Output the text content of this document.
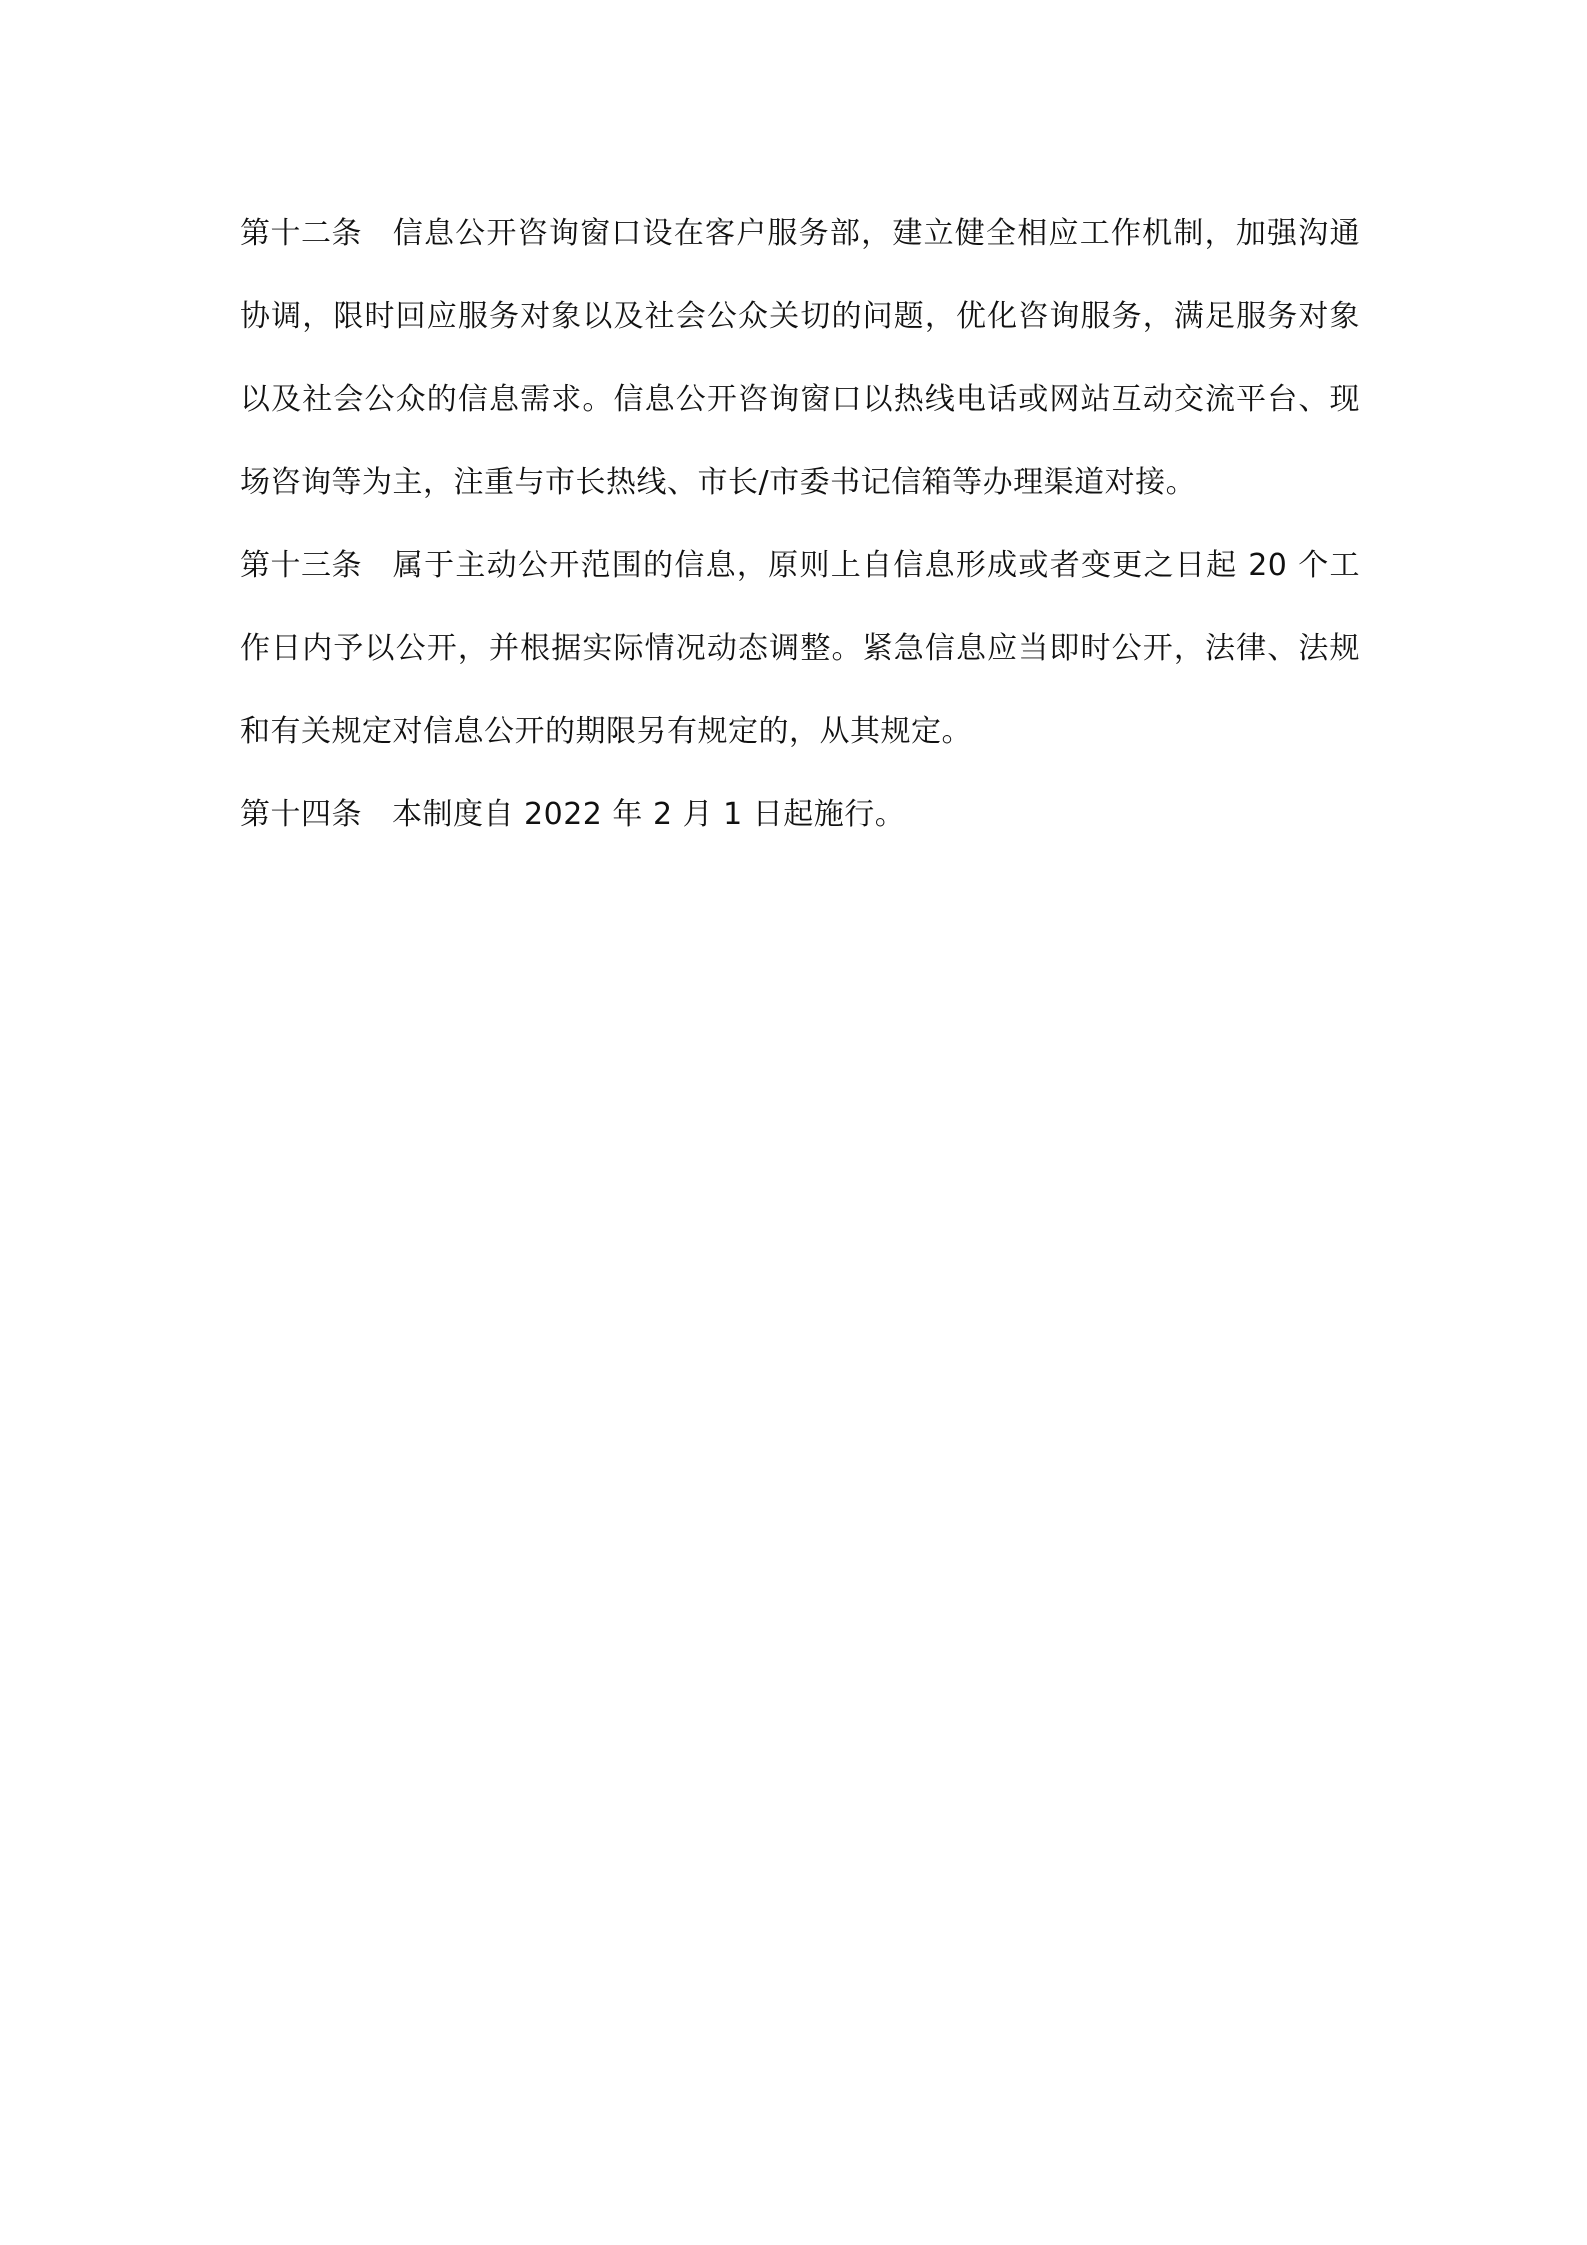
第十二条 信息公开咨询窗口设在客户服务部，建立健全相应工作机制，加强沟通协调，限时回应服务对象以及社会公众关切的问题，优化咨询服务，满足服务对象以及社会公众的信息需求。信息公开咨询窗口以热线电话或网站互动交流平台、现场咨询等为主，注重与市长热线、市长/市委书记信箱等办理渠道对接。

第十三条 属于主动公开范围的信息，原则上自信息形成或者变更之日起 20 个工作日内予以公开，并根据实际情况动态调整。紧急信息应当即时公开，法律、法规和有关规定对信息公开的期限另有规定的，从其规定。

第十四条 本制度自 2022 年 2 月 1 日起施行。
